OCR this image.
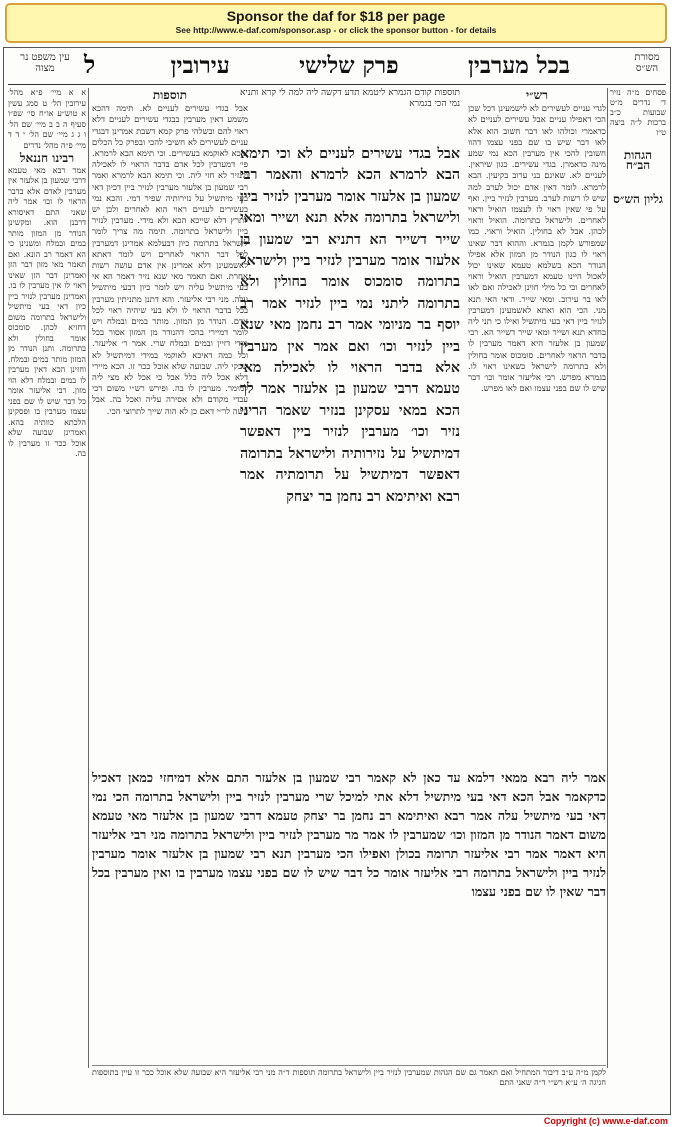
Sponsor the daf for $18 per page
See http://www.e-daf.com/sponsor.asp - or click the sponsor button - for details
מסורת הש״ס
עין משפט נר מצוה	בכל מערבין
פרק שלישי
עירובין
ל
פסחים מ״ה נזיר ד׳ נדרים מ״ט שבועות כ״ב ברכות ל״ה ביצה ט״ו

הגהות הב״ח

גליון הש״ס
רש״י
לגדי עניים לעשירים לא לישמעינן דכל שכן הכי דאפילו עניים אבל עשירים לעניים לא כדאמרי וכולהו לאו דבר חשוב הוא אלא לאו דבר שיש בו שם בפני עצמו דהוו חשובין להכי אין מערבין הכא נמי שמע מינה כדאמרן. בגדי עשירים. כגון שיראין. לעניים לא. שאינם בני ערוב בקיעין. הבא לרמרא. לומר דאין אדם יכול לערב למה שיש לו רשות לערב. מערבין לנזיר ביין. ואף על פי שאין ראוי לו לעצמו הואיל וראוי לאחרים. ולישראל בתרומה. הואיל וראוי לכהן. אבל לא בחולין. הואיל וראוי. כמו שמפורש לקמן בגמרא. וההוא דבר שאינו ראוי לו כגון הנודר מן המזון אלא אפילו הנודר הכא בשלמא טעמא שאינו יכול לאכול היינו טעמא דמערבין הואיל וראוי לאחרים וכי כל מילי חוינן לאכילה ואם לאו לאו בר עירוב. ומאי שייר. ודאי האי תנא מני. הכי הוא ואתא לאשמעינן דמערבין לנזיר ביין דאי בעי מיתשיל ואילו כי תני ליה בחדא תנא ושייר ומאי שייר דשייר הא. רבי שמעון בן אלעזר היא דאמר מערבין לו בדבר הראוי לאחרים. סומכוס אומר בחולין ולא בתרומה לישראל כשאינו ראוי לו. בגמרא מפרש. רבי אליעזר אומר וכו׳ דבר שיש לו שם בפני עצמו ואם לאו מפרש.
תוספות קודם הגמרא ליטמא תדע דקשה ליה למה לי קרא ותניא נמי הכי בגמרא
אבל בגדי עשירים לעניים לא וכי תימא הבא לרמרא הכא לרמרא והאמר רבי שמעון בן אלעזר אומר מערבין לנזיר ביין ולישראל בתרומה אלא תנא ושייר ומאי שייר דשייר הא דתניא רבי שמעון בן אלעזר אומר מערבין לנזיר ביין ולישראל בתרומה סומכוס אומר בחולין ולא בתרומה ליתני נמי ביין לנזיר אמר רב יוסף בר מניומי אמר רב נחמן מאי שנא ביין לנזיר וכו׳ ואם אמר אין מערבין אלא בדבר הראוי לו לאכילה מאי טעמא דרבי שמעון בן אלעזר אמר לך הכא במאי עסקינן בנזיר שאמר הריני נזיר וכו׳ מערבין לנזיר ביין דאפשר דמיתשיל על נזירותיה ולישראל בתרומה דאפשר דמיתשיל על תרומתיה אמר רבא ואיתימא רב נחמן בר יצחק
תוספות
אבל בגדי עשירים לעניים לא. תימה דהכא משמע דאין מערבין בבגדי עשירים לעניים דלא ראוי להם ובשלהי פרק קמא דשבת אמרינן דבגדי עניים לעשירים לא חשיבי להכי ובפרק כל הכלים איכא לאוקמא בעשירים. וכי תימא הבא לרמרא. פי׳ דמערבין לכל אדם בדבר הראוי לו לאכילה ולנזיר לא חזי ליה. וכי תימא הבא לרמרא ואמר רבי שמעון בן אלעזר מערבין לנזיר ביין דכיון דאי בעי מיתשיל על נזירותיה שפיר דמי. והכא נמי בעשירים לעניים ראוי הוא לאחרים ולכן יש לתרץ דלא שייכא הכא ולא מידי. מערבין לנזיר ביין ולישראל בתרומה. תימה מה צריך לומר לישראל בתרומה כיון דבעלמא אמרינן דמערבין לכל דבר הראוי לאחרים ויש לומר דאתא לאשמעינן דלא אמרינן אין אדם עושה רשות אחרת. ואם תאמר מאי שנא נזיר דאמר הא אי בעי מיתשיל עליה ויש לומר כיון דבעי מיתשיל עלה. מני רבי אליעזר. והא דתנן מתניתין מערבין בכל בדבר הראוי לו ולא בעי שיהיה ראוי לכל אדם. הנודר מן המזון. מותר במים ובמלח ויש לומר דמיירי בהכי דהנודר מן המזון אסור בכל מידי דזיין ובמים ובמלח שרי. אמר ר׳ אליעזר. וכל כמה דאיכא לאוקמי במידי דמיתשיל לא שבקי ליה. שבועה שלא אוכל ככר זו. הכא מיירי דלא אכל ליה כלל אבל כי אכל לא מצי ליה למימר. מערבין לו בה. ופירש רש״י משום דכי עבדי מקודם ולא אסירה עליה ואכל בה. אבל קשה לר״י דאם כן לא הוה שייך לתרוצי הכי.
א א מיי׳ פ״א מהל׳ עירובין הל׳ ט סמג עשין א טוש״ע או״ח סי׳ שפ״ו סעיף ה ב ב מיי׳ שם הל׳ ו ג ג מיי׳ שם הל׳ י ד ד מיי׳ פ״ה מהל׳ נדרים
רבינו חננאל
אמר רבא מאי טעמא דרבי שמעון בן אלעזר אין מערבין לאדם אלא בדבר הראוי לו וכו׳ אמר ליה שאני התם דאיסורא דרבנן הוא. ומקשינן הנודר מן המזון מותר במים ובמלח ומשנינן כי הא דאמר רב הונא. ואם תאמר מאי מזון דבר הזן ואמרינן דבר הזן שאינו ראוי לו אין מערבין לו בו. ואמרינן מערבין לנזיר ביין כיון דאי בעי מיתשיל ולישראל בתרומה משום דחזיא לכהן. סומכוס אומר בחולין ולא בתרומה. ותנן הנודר מן המזון מותר במים ובמלח. וחזינן הכא דאין מערבין לו במים ובמלח דלא הוי מזון. רבי אליעזר אומר כל דבר שיש לו שם בפני עצמו מערבין בו ופסקינן הלכתא כוותיה בהא. ואמרינן שבועה שלא אוכל ככר זו מערבין לו בה.
אמר ליה רבא ממאי דלמא עד כאן לא קאמר רבי שמעון בן אלעזר התם אלא דמיחזי כמאן דאכיל כדקאמר אבל הכא דאי בעי מיתשיל דלא אתי למיכל שרי מערבין לנזיר ביין ולישראל בתרומה הכי נמי דאי בעי מיתשיל עלה אמר רבא ואיתימא רב נחמן בר יצחק טעמא דרבי שמעון בן אלעזר מאי טעמא משום דאמר הנודר מן המזון וכו׳ שמערבין לו אמר מר מערבין לנזיר ביין ולישראל בתרומה מני רבי אליעזר היא דאמר אמר רבי אליעזר תרומה בכולן ואפילו הכי מערבין תנא רבי שמעון בן אלעזר אומר מערבין לנזיר ביין ולישראל בתרומה רבי אליעזר אומר כל דבר שיש לו שם בפני עצמו מערבין בו ואין מערבין בכל דבר שאין לו שם בפני עצמו
לקמן מ״ה ע״ב דיבור המתחיל ואם תאמר גם שם הגהות שמערבין לנזיר ביין ולישראל בתרומה תוספות ד״ה מני רבי אליעזר היא שבועה שלא אוכל ככר זו עיין בתוספות חגיגה ה׳ ע״א רש״י ד״ה שאני התם
Copyright (c) www.e-daf.com
